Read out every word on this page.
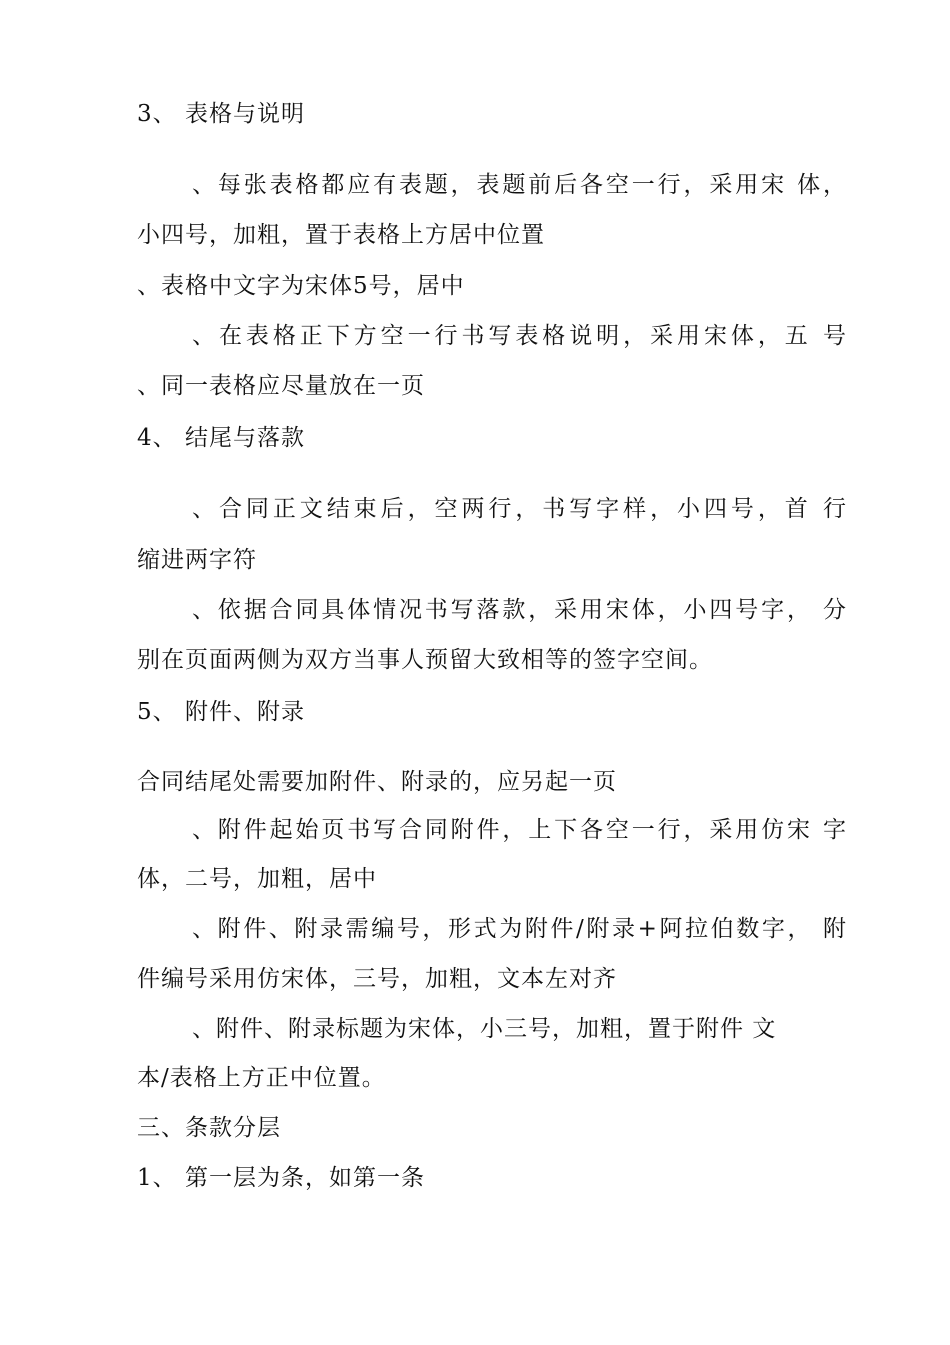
3、 表格与说明
、每张表格都应有表题，表题前后各空一行，采用宋 体，
小四号，加粗，置于表格上方居中位置
、表格中文字为宋体5号，居中
、在表格正下方空一行书写表格说明，采用宋体，五 号
、同一表格应尽量放在一页
4、 结尾与落款
、合同正文结束后，空两行，书写字样，小四号，首 行
缩进两字符
、依据合同具体情况书写落款，采用宋体，小四号字， 分
别在页面两侧为双方当事人预留大致相等的签字空间。
5、 附件、附录
合同结尾处需要加附件、附录的，应另起一页
、附件起始页书写合同附件，上下各空一行，采用仿宋 字
体，二号，加粗，居中
、附件、附录需编号，形式为附件/附录+阿拉伯数字， 附
件编号采用仿宋体，三号，加粗，文本左对齐
、附件、附录标题为宋体，小三号，加粗，置于附件 文
本/表格上方正中位置。
三、条款分层
1、 第一层为条，如第一条
